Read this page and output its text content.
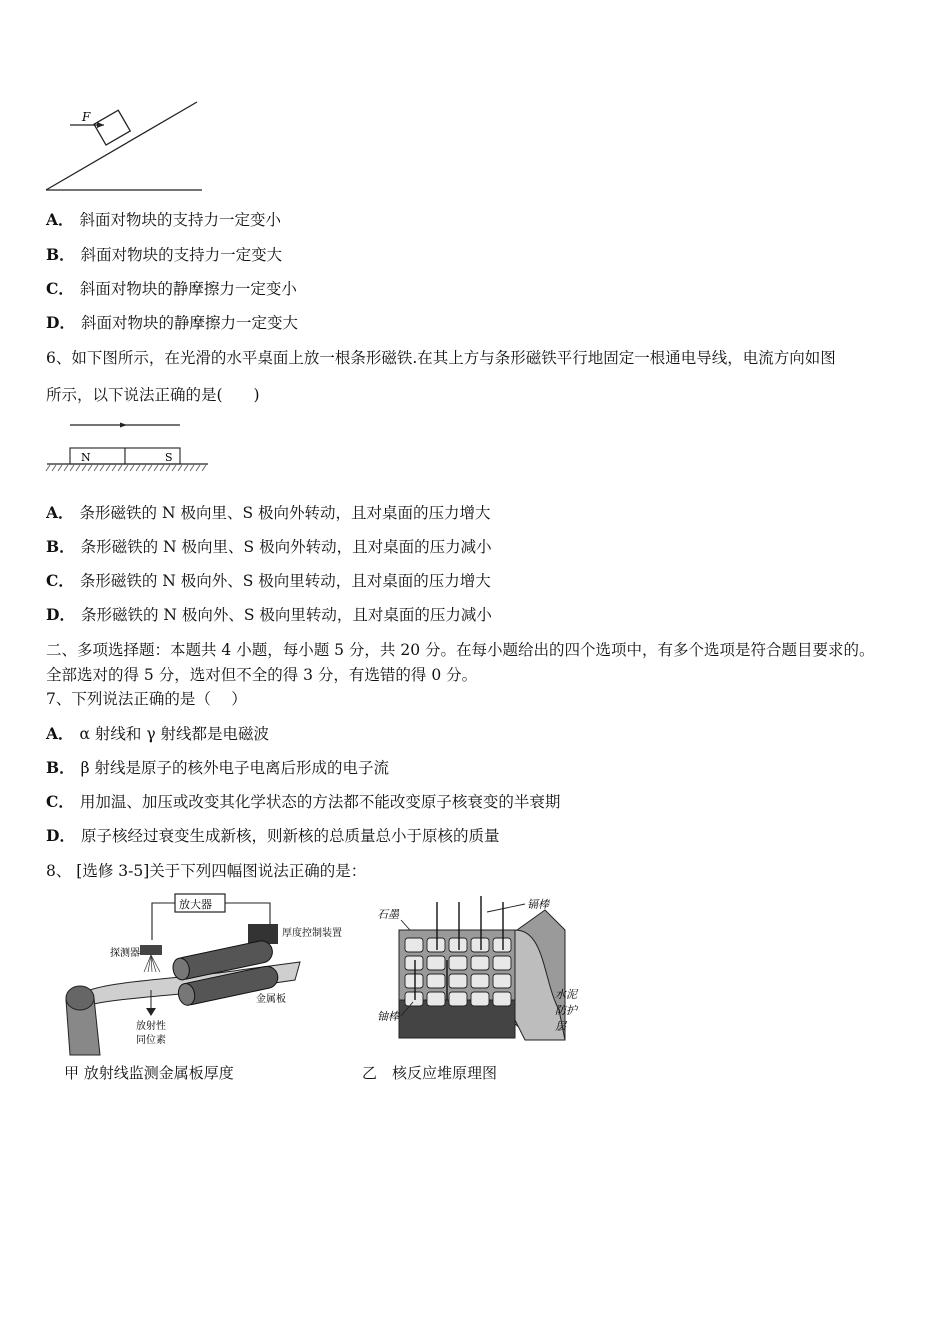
F
A． 斜面对物块的支持力一定变小
B． 斜面对物块的支持力一定变大
C． 斜面对物块的静摩擦力一定变小
D． 斜面对物块的静摩擦力一定变大
6、如下图所示，在光滑的水平桌面上放一根条形磁铁.在其上方与条形磁铁平行地固定一根通电导线，电流方向如图
所示，以下说法正确的是(　　)
N	S
A． 条形磁铁的 N 极向里、S 极向外转动，且对桌面的压力增大
B． 条形磁铁的 N 极向里、S 极向外转动，且对桌面的压力减小
C． 条形磁铁的 N 极向外、S 极向里转动，且对桌面的压力增大
D． 条形磁铁的 N 极向外、S 极向里转动，且对桌面的压力减小
二、多项选择题：本题共 4 小题，每小题 5 分，共 20 分。在每小题给出的四个选项中，有多个选项是符合题目要求的。
全部选对的得 5 分，选对但不全的得 3 分，有选错的得 0 分。
7、下列说法正确的是（　 ）
A． α 射线和 γ 射线都是电磁波
B． β 射线是原子的核外电子电离后形成的电子流
C． 用加温、加压或改变其化学状态的方法都不能改变原子核衰变的半衰期
D． 原子核经过衰变生成新核，则新核的总质量总小于原核的质量
8、 [选修 3-5]关于下列四幅图说法正确的是：
放大器
厚度控制装置
探测器
金属板
放射性
同位素
甲 放射线监测金属板厚度
石墨
镉棒
铀棒
水泥
防护
层
乙　核反应堆原理图
